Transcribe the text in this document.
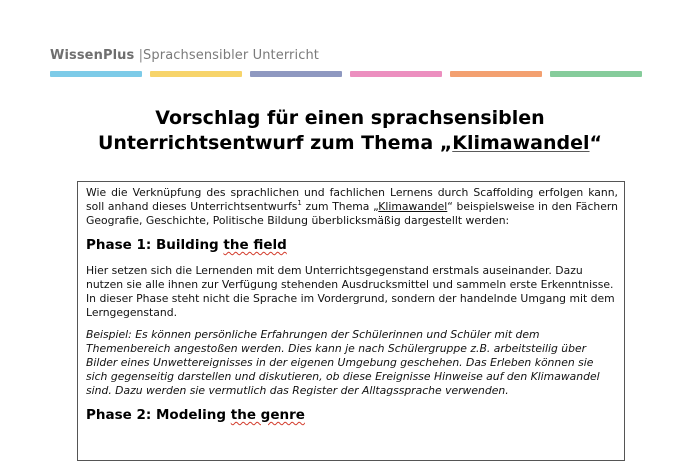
WissenPlus |Sprachsensibler Unterricht
Vorschlag für einen sprachsensiblen
Unterrichtsentwurf zum Thema „Klimawandel“

Wie die Verknüpfung des sprachlichen und fachlichen Lernens durch Scaffolding erfolgen kann, soll anhand dieses Unterrichtsentwurfs$^1$ zum Thema „Klimawandel“ beispielsweise in den Fächern Geografie, Geschichte, Politische Bildung überblicksmäßig dargestellt werden:

Phase 1: Building the field

Hier setzen sich die Lernenden mit dem Unterrichtsgegenstand erstmals auseinander. Dazu nutzen sie alle ihnen zur Verfügung stehenden Ausdrucksmittel und sammeln erste Erkenntnisse. In dieser Phase steht nicht die Sprache im Vordergrund, sondern der handelnde Umgang mit dem Lerngegenstand.

Beispiel: Es können persönliche Erfahrungen der Schülerinnen und Schüler mit dem Themenbereich angestoßen werden. Dies kann je nach Schülergruppe z.B. arbeitsteilig über Bilder eines Unwettereignisses in der eigenen Umgebung geschehen. Das Erleben können sie sich gegenseitig darstellen und diskutieren, ob diese Ereignisse Hinweise auf den Klimawandel sind. Dazu werden sie vermutlich das Register der Alltagssprache verwenden.

Phase 2: Modeling the genre
